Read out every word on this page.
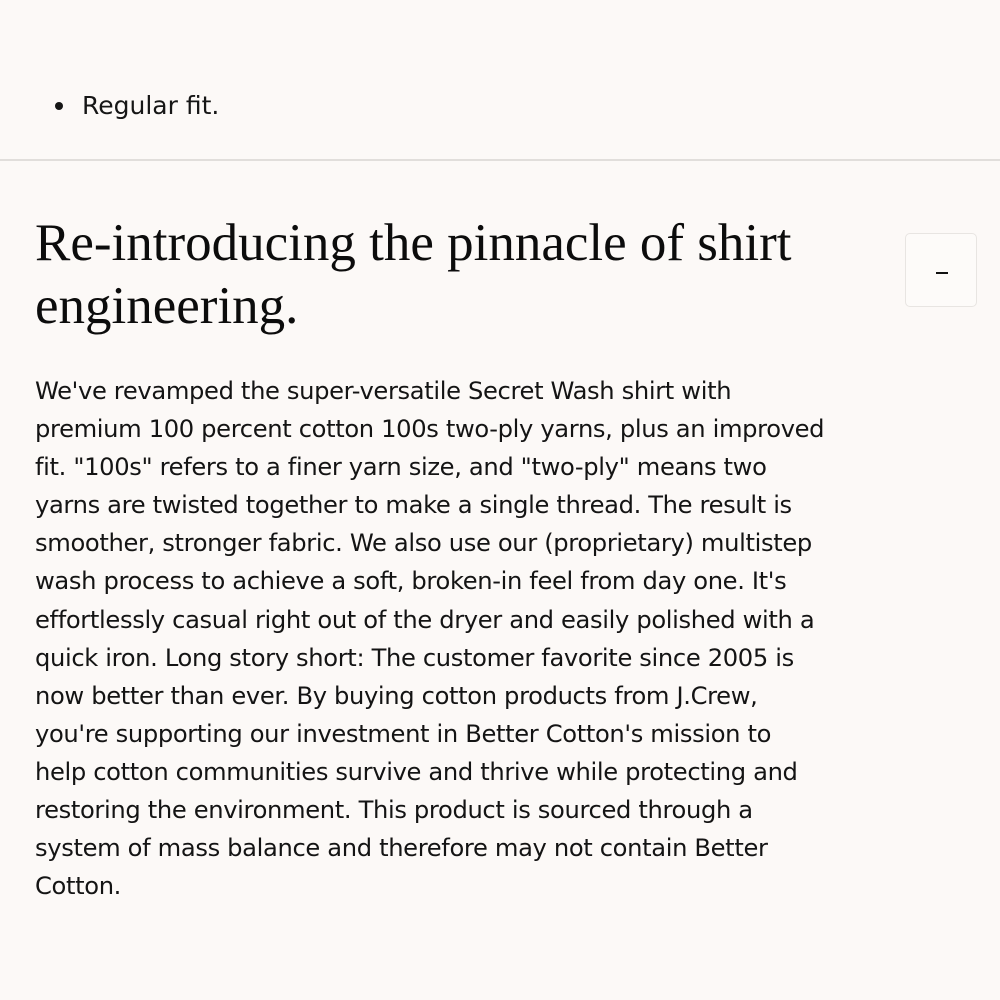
Regular fit.
Re-introducing the pinnacle of shirt engineering.

We've revamped the super-versatile Secret Wash shirt with
premium 100 percent cotton 100s two-ply yarns, plus an improved
fit. "100s" refers to a finer yarn size, and "two-ply" means two
yarns are twisted together to make a single thread. The result is
smoother, stronger fabric. We also use our (proprietary) multistep
wash process to achieve a soft, broken-in feel from day one. It's
effortlessly casual right out of the dryer and easily polished with a
quick iron. Long story short: The customer favorite since 2005 is
now better than ever. By buying cotton products from J.Crew,
you're supporting our investment in Better Cotton's mission to
help cotton communities survive and thrive while protecting and
restoring the environment. This product is sourced through a
system of mass balance and therefore may not contain Better
Cotton.
